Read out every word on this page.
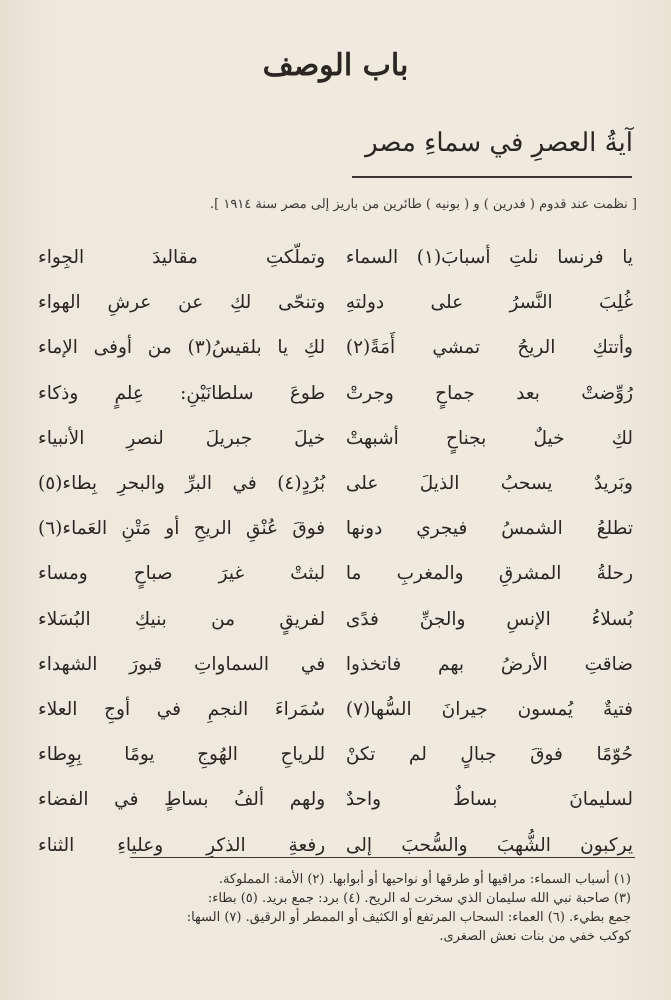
باب الوصف
آيةُ العصرِ في سماءِ مصر
[ نظمت عند قدوم ( فدرين ) و ( بونيه ) طائرين من باريز إلى مصر سنة ١٩١٤ ].
يا فرنسا نلتِ أسبابَ(١) السماء
وتملّكتِ مقاليدَ الجِواء
غُلِبَ النَّسرُ على دولتهِ
وتنحّى لكِ عن عرشِ الهواء
وأتتكِ الريحُ تمشي أَمَةً(٢)
لكِ يا بلقيسُ(٣) من أوفى الإماء
رُوِّضتْ بعد جماحٍ وجرتْ
طوعَ سلطانَيْنِ: عِلمٍ وذكاء
لكِ خيلٌ بجناحٍ أشبهتْ
خيلَ جبريلَ لنصرِ الأنبياء
وبَريدٌ يسحبُ الذيلَ على
بُرُدٍ(٤) في البرِّ والبحرِ بِطاء(٥)
تطلعُ الشمسُ فيجري دونها
فوقَ عُنْقِ الريحِ أو مَتْنِ العَماء(٦)
رحلةُ المشرقِ والمغربِ ما
لبثتْ غيرَ صباحٍ ومساء
بُسلاءُ الإنسِ والجنِّ فدًى
لفريقٍ من بنيكِ البُسَلاء
ضاقتِ الأرضُ بهم فاتخذوا
في السماواتِ قبورَ الشهداء
فتيةٌ يُمسون جيرانَ السُّها(٧)
سُمَراءَ النجمِ في أوجِ العلاء
حُوّمًا فوقَ جبالٍ لم تكنْ
للرياحِ الهُوجِ يومًا بِوِطاء
لسليمانَ بساطٌ واحدٌ
ولهم ألفُ بساطٍ في الفضاء
يركبون الشُّهبَ والسُّحبَ إلى
رفعةِ الذكرِ وعلياءِ الثناء
(١) أسباب السماء: مراقيها أو طرقها أو نواحيها أو أبوابها. (٢) الأمة: المملوكة.
(٣) صاحبة نبي الله سليمان الذي سخرت له الريح. (٤) برد: جمع بريد. (٥) بطاء:
جمع بطيء. (٦) العماء: السحاب المرتفع أو الكثيف أو الممطر أو الرقيق. (٧) السها:
كوكب خفي من بنات نعش الصغرى.
